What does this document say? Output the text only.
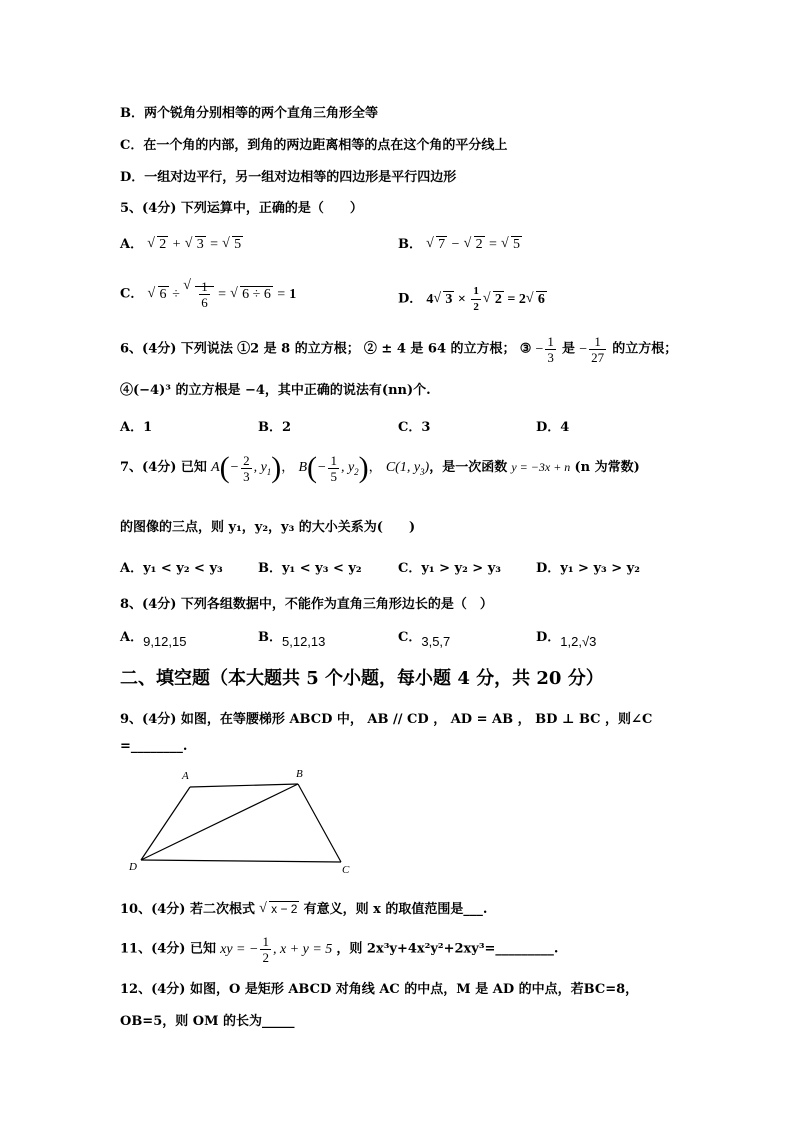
B．两个锐角分别相等的两个直角三角形全等
C．在一个角的内部，到角的两边距离相等的点在这个角的平分线上
D．一组对边平行，另一组对边相等的四边形是平行四边形
5、(4分) 下列运算中，正确的是（　　）
A． √ 2 + √ 3 = √ 5	B． √ 7 − √ 2 = √ 5
C． √ 6 ÷ √ $\frac{1}{6}$ = √ 6 ÷ 6 = 1	D． 4 √ $3 \times \frac{1}{2}$ √ 2 = 2 √ 6
6、(4分) 下列说法 ①2 是 8 的立方根； ② ± 4 是 64 的立方根； ③ − $\frac{1}{3}$ 是 − $\frac{1}{27}$ 的立方根；
④(−4)³ 的立方根是 −4，其中正确的说法有(nn)个.
A．1	B．2	C．3	D．4
7、(4分) 已知 $A(- \frac{2}{3}$ , $y_1$)， $B(- \frac{1}{5}$ , $y_2$)， C(1, $y_3$)，是一次函数 y = −3x + n (n 为常数)
的图像的三点，则 y₁，y₂，y₃ 的大小关系为(　　)
A．y₁ < y₂ < y₃	B．y₁ < y₃ < y₂	C．y₁ > y₂ > y₃	D．y₁ > y₃ > y₂
8、(4分) 下列各组数据中，不能作为直角三角形边长的是（　）
A．9,12,15	B．5,12,13	C．3,5,7	D．1,2,√3
二、填空题（本大题共 5 个小题，每小题 4 分，共 20 分）
9、(4分) 如图，在等腰梯形 ABCD 中， AB // CD ， AD = AB ， BD ⊥ BC ，则∠C
=________.
A	B
C
D
10、(4分) 若二次根式 √ x − 2 有意义，则 x 的取值范围是___.
11、(4分) 已知 xy = − $\frac{1}{2}$ , x + y = 5 ，则 2x³y+4x²y²+2xy³=_________.
12、(4分) 如图，O 是矩形 ABCD 对角线 AC 的中点，M 是 AD 的中点，若BC=8，
OB=5，则 OM 的长为_____
